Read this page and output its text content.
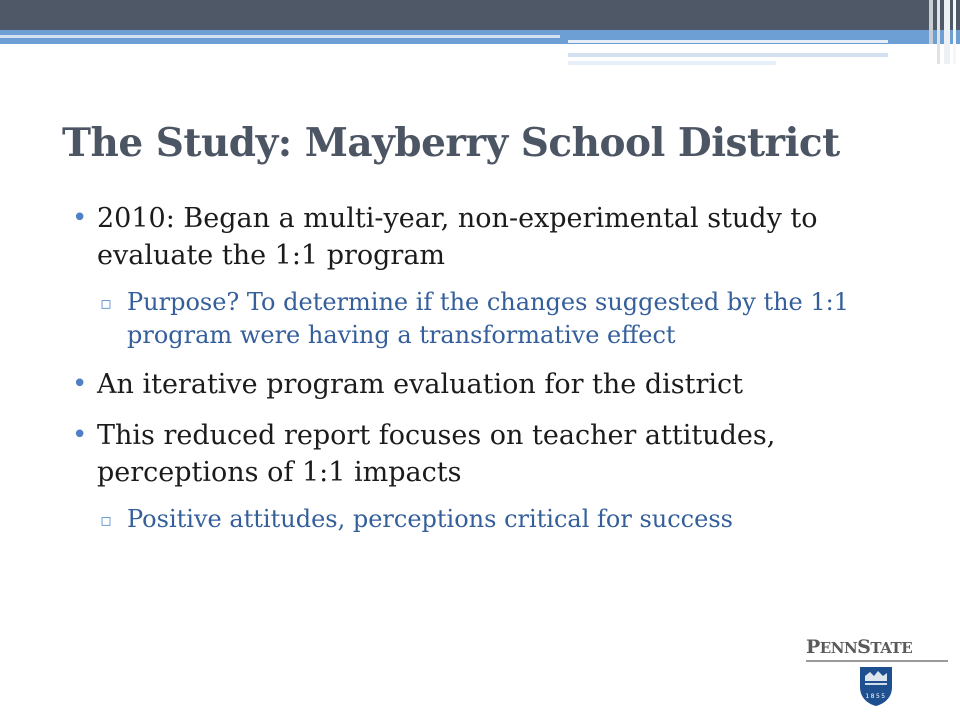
The Study: Mayberry School District
• 2010: Began a multi-year, non-experimental study to evaluate the 1:1 program
▫ Purpose? To determine if the changes suggested by the 1:1 program were having a transformative effect
• An iterative program evaluation for the district
• This reduced report focuses on teacher attitudes, perceptions of 1:1 impacts
▫ Positive attitudes, perceptions critical for success
PENNSTATE
1855
